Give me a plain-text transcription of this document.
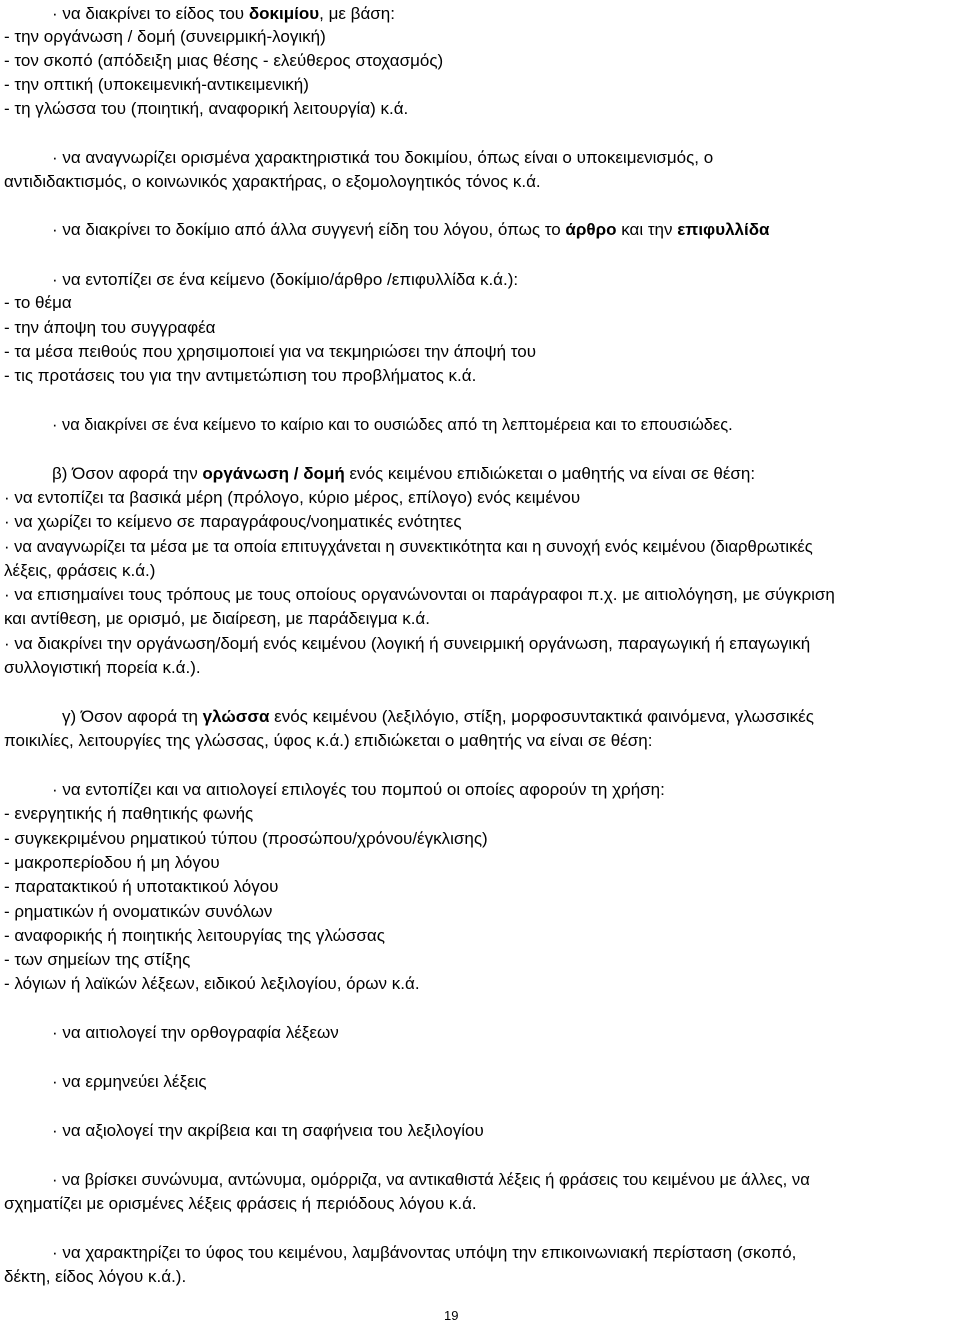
· να διακρίνει το είδος του δοκιμίου, με βάση:
- την οργάνωση / δομή (συνειρμική-λογική)
- τον σκοπό (απόδειξη μιας θέσης - ελεύθερος στοχασμός)
- την οπτική (υποκειμενική-αντικειμενική)
- τη γλώσσα του (ποιητική, αναφορική λειτουργία) κ.ά.
· να αναγνωρίζει ορισμένα χαρακτηριστικά του δοκιμίου, όπως είναι ο υποκειμενισμός, ο
αντιδιδακτισμός, ο κοινωνικός χαρακτήρας, ο εξομολογητικός τόνος κ.ά.
· να διακρίνει το δοκίμιο από άλλα συγγενή είδη του λόγου, όπως το άρθρο και την επιφυλλίδα
· να εντοπίζει σε ένα κείμενο (δοκίμιο/άρθρο /επιφυλλίδα κ.ά.):
- το θέμα
- την άποψη του συγγραφέα
- τα μέσα πειθούς που χρησιμοποιεί για να τεκμηριώσει την άποψή του
- τις προτάσεις του για την αντιμετώπιση του προβλήματος κ.ά.
· να διακρίνει σε ένα κείμενο το καίριο και το ουσιώδες από τη λεπτομέρεια και το επουσιώδες.
β) Όσον αφορά την οργάνωση / δομή ενός κειμένου επιδιώκεται ο μαθητής να είναι σε θέση:
· να εντοπίζει τα βασικά μέρη (πρόλογο, κύριο μέρος, επίλογο) ενός κειμένου
· να χωρίζει το κείμενο σε παραγράφους/νοηματικές ενότητες
· να αναγνωρίζει τα μέσα με τα οποία επιτυγχάνεται η συνεκτικότητα και η συνοχή ενός κειμένου (διαρθρωτικές
λέξεις, φράσεις κ.ά.)
· να επισημαίνει τους τρόπους με τους οποίους οργανώνονται οι παράγραφοι π.χ. με αιτιολόγηση, με σύγκριση
και αντίθεση, με ορισμό, με διαίρεση, με παράδειγμα κ.ά.
· να διακρίνει την οργάνωση/δομή ενός κειμένου (λογική ή συνειρμική οργάνωση, παραγωγική ή επαγωγική
συλλογιστική πορεία κ.ά.).
γ) Όσον αφορά τη γλώσσα ενός κειμένου (λεξιλόγιο, στίξη, μορφοσυντακτικά φαινόμενα, γλωσσικές
ποικιλίες, λειτουργίες της γλώσσας, ύφος κ.ά.) επιδιώκεται ο μαθητής να είναι σε θέση:
· να εντοπίζει και να αιτιολογεί επιλογές του πομπού οι οποίες αφορούν τη χρήση:
- ενεργητικής ή παθητικής φωνής
- συγκεκριμένου ρηματικού τύπου (προσώπου/χρόνου/έγκλισης)
- μακροπερίοδου ή μη λόγου
- παρατακτικού ή υποτακτικού λόγου
- ρηματικών ή ονοματικών συνόλων
- αναφορικής ή ποιητικής λειτουργίας της γλώσσας
- των σημείων της στίξης
- λόγιων ή λαϊκών λέξεων, ειδικού λεξιλογίου, όρων κ.ά.
· να αιτιολογεί την ορθογραφία λέξεων
· να ερμηνεύει λέξεις
· να αξιολογεί την ακρίβεια και τη σαφήνεια του λεξιλογίου
· να βρίσκει συνώνυμα, αντώνυμα, ομόρριζα, να αντικαθιστά λέξεις ή φράσεις του κειμένου με άλλες, να
σχηματίζει με ορισμένες λέξεις φράσεις ή περιόδους λόγου κ.ά.
· να χαρακτηρίζει το ύφος του κειμένου, λαμβάνοντας υπόψη την επικοινωνιακή περίσταση (σκοπό,
δέκτη, είδος λόγου κ.ά.).
19
